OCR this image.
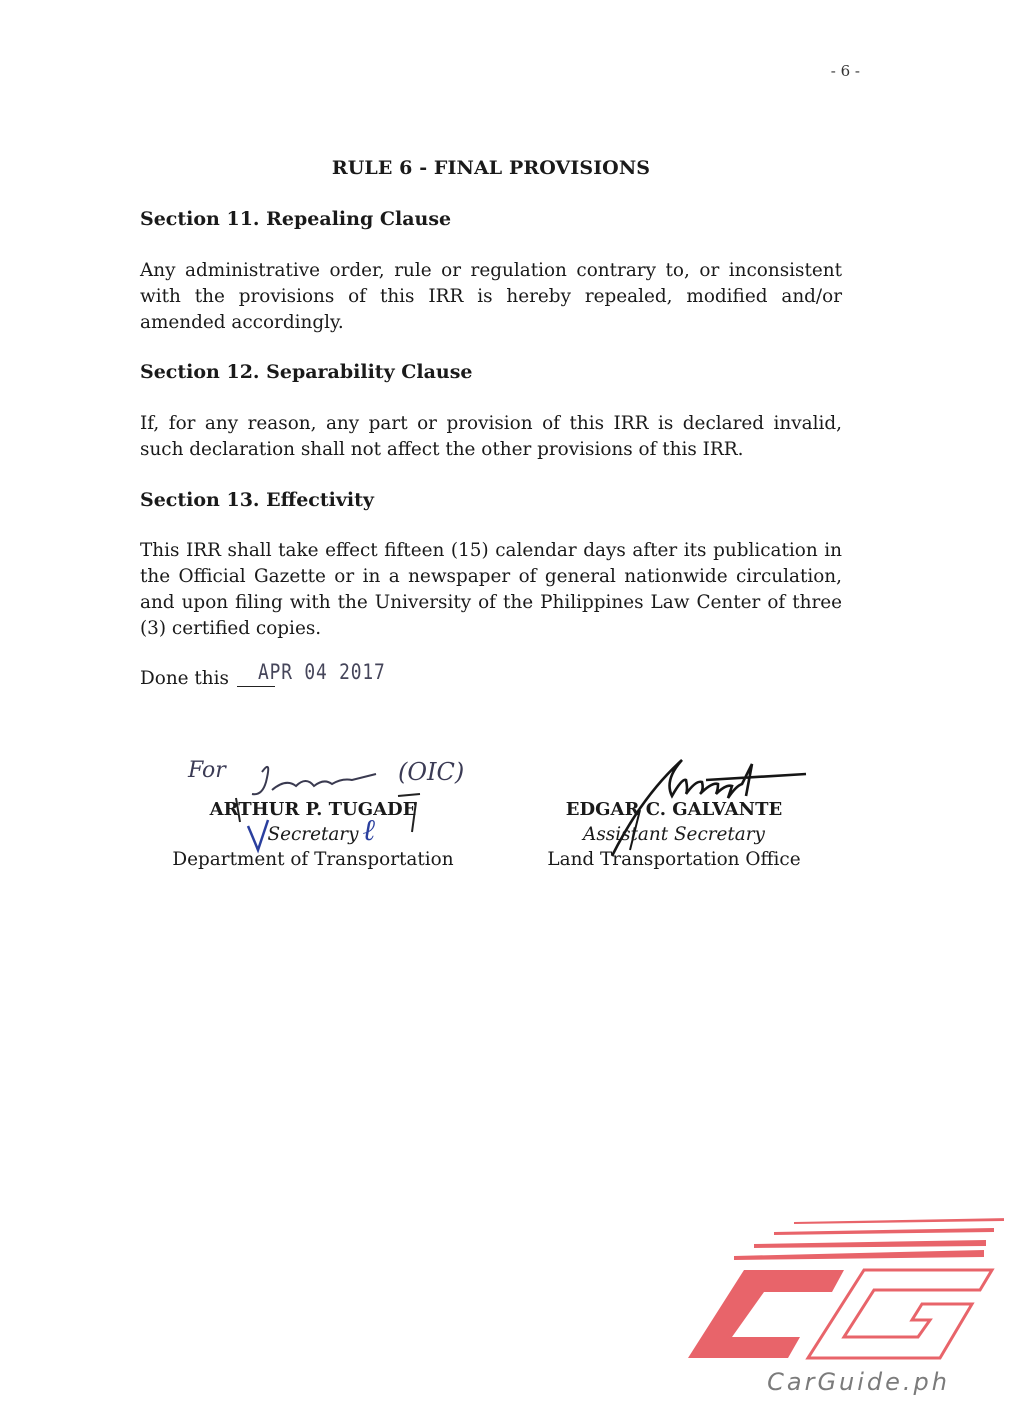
- 6 -
RULE 6 - FINAL PROVISIONS
Section 11. Repealing Clause

Any administrative order, rule or regulation contrary to, or inconsistent with the provisions of this IRR is hereby repealed, modified and/or amended accordingly.

Section 12. Separability Clause

If, for any reason, any part or provision of this IRR is declared invalid, such declaration shall not affect the other provisions of this IRR.

Section 13. Effectivity

This IRR shall take effect fifteen (15) calendar days after its publication in the Official Gazette or in a newspaper of general nationwide circulation, and upon filing with the University of the Philippines Law Center of three (3) certified copies.

Done this	APR 04 2017
For	(OIC)
ℓ
ARTHUR P. TUGADE
Secretary
Department of Transportation
EDGAR C. GALVANTE
Assistant Secretary
Land Transportation Office
CarGuide.ph
